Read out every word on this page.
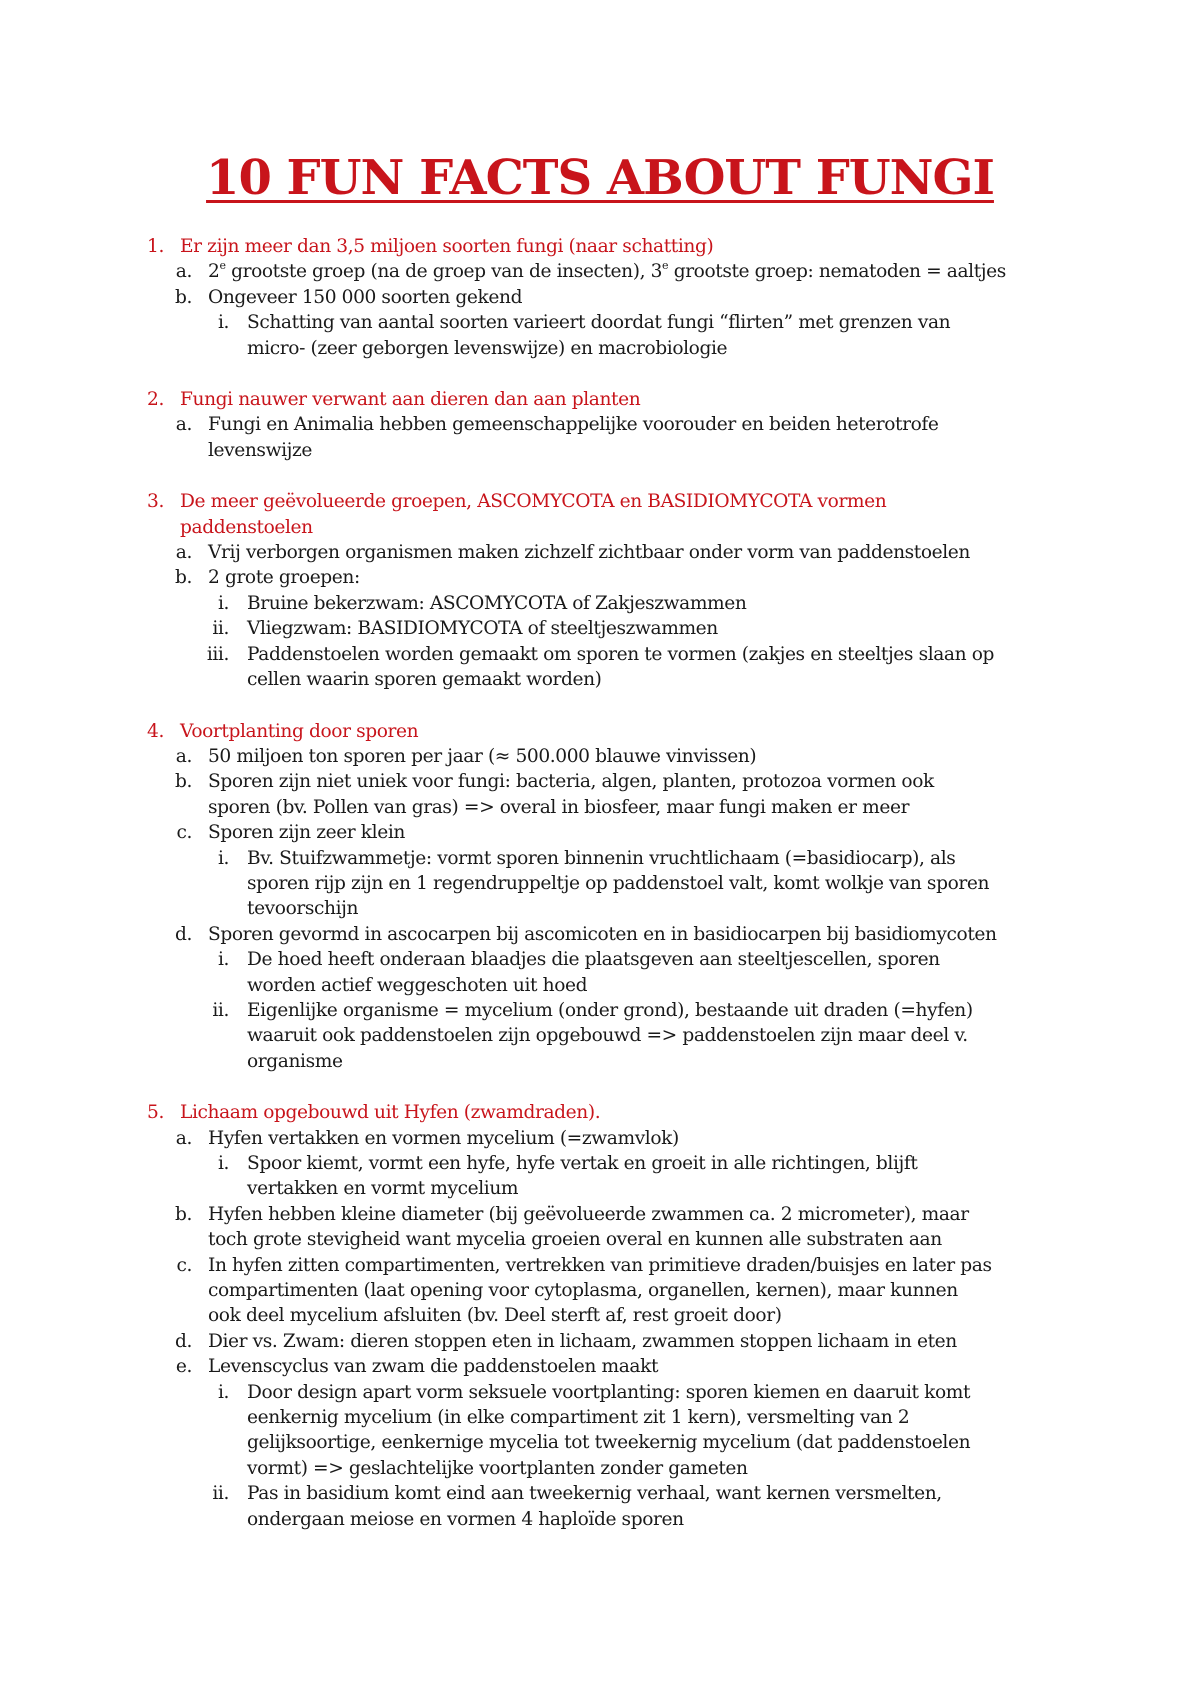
10 FUN FACTS ABOUT FUNGI
1. Er zijn meer dan 3,5 miljoen soorten fungi (naar schatting)
a. 2e grootste groep (na de groep van de insecten), 3e grootste groep: nematoden = aaltjes
b. Ongeveer 150 000 soorten gekend
i. Schatting van aantal soorten varieert doordat fungi “flirten” met grenzen van
micro- (zeer geborgen levenswijze) en macrobiologie
2. Fungi nauwer verwant aan dieren dan aan planten
a. Fungi en Animalia hebben gemeenschappelijke voorouder en beiden heterotrofe
levenswijze
3. De meer geëvolueerde groepen, ASCOMYCOTA en BASIDIOMYCOTA vormen
paddenstoelen
a. Vrij verborgen organismen maken zichzelf zichtbaar onder vorm van paddenstoelen
b. 2 grote groepen:
i. Bruine bekerzwam: ASCOMYCOTA of Zakjeszwammen
ii. Vliegzwam: BASIDIOMYCOTA of steeltjeszwammen
iii. Paddenstoelen worden gemaakt om sporen te vormen (zakjes en steeltjes slaan op
cellen waarin sporen gemaakt worden)
4. Voortplanting door sporen
a. 50 miljoen ton sporen per jaar (≈ 500.000 blauwe vinvissen)
b. Sporen zijn niet uniek voor fungi: bacteria, algen, planten, protozoa vormen ook
sporen (bv. Pollen van gras) => overal in biosfeer, maar fungi maken er meer
c. Sporen zijn zeer klein
i. Bv. Stuifzwammetje: vormt sporen binnenin vruchtlichaam (=basidiocarp), als
sporen rijp zijn en 1 regendruppeltje op paddenstoel valt, komt wolkje van sporen
tevoorschijn
d. Sporen gevormd in ascocarpen bij ascomicoten en in basidiocarpen bij basidiomycoten
i. De hoed heeft onderaan blaadjes die plaatsgeven aan steeltjescellen, sporen
worden actief weggeschoten uit hoed
ii. Eigenlijke organisme = mycelium (onder grond), bestaande uit draden (=hyfen)
waaruit ook paddenstoelen zijn opgebouwd => paddenstoelen zijn maar deel v.
organisme
5. Lichaam opgebouwd uit Hyfen (zwamdraden).
a. Hyfen vertakken en vormen mycelium (=zwamvlok)
i. Spoor kiemt, vormt een hyfe, hyfe vertak en groeit in alle richtingen, blijft
vertakken en vormt mycelium
b. Hyfen hebben kleine diameter (bij geëvolueerde zwammen ca. 2 micrometer), maar
toch grote stevigheid want mycelia groeien overal en kunnen alle substraten aan
c. In hyfen zitten compartimenten, vertrekken van primitieve draden/buisjes en later pas
compartimenten (laat opening voor cytoplasma, organellen, kernen), maar kunnen
ook deel mycelium afsluiten (bv. Deel sterft af, rest groeit door)
d. Dier vs. Zwam: dieren stoppen eten in lichaam, zwammen stoppen lichaam in eten
e. Levenscyclus van zwam die paddenstoelen maakt
i. Door design apart vorm seksuele voortplanting: sporen kiemen en daaruit komt
eenkernig mycelium (in elke compartiment zit 1 kern), versmelting van 2
gelijksoortige, eenkernige mycelia tot tweekernig mycelium (dat paddenstoelen
vormt) => geslachtelijke voortplanten zonder gameten
ii. Pas in basidium komt eind aan tweekernig verhaal, want kernen versmelten,
ondergaan meiose en vormen 4 haploïde sporen
